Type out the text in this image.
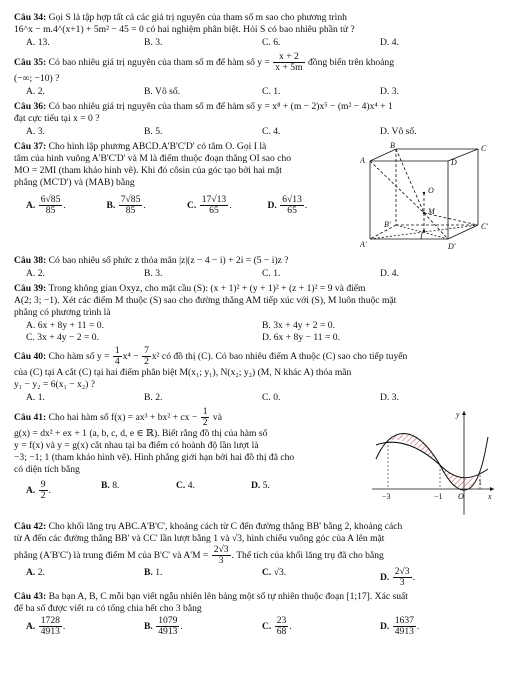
Câu 34: Gọi S là tập hợp tất cả các giá trị nguyên của tham số m sao cho phương trình
16^x − m.4^(x+1) + 5m² − 45 = 0 có hai nghiệm phân biệt. Hỏi S có bao nhiêu phần tử ?
A. 13.	B. 3.	C. 6.	D. 4.
Câu 35: Có bao nhiêu giá trị nguyên của tham số m để hàm số $y = \frac{x + 2}{x + 5m}$ đồng biến trên khoảng
(−∞; −10) ?
A. 2.	B. Vô số.	C. 1.	D. 3.
Câu 36: Có bao nhiêu giá trị nguyên của tham số m để hàm số y = x⁸ + (m − 2)x⁵ − (m² − 4)x⁴ + 1
đạt cực tiểu tại x = 0 ?
A. 3.	B. 5.	C. 4.	D. Vô số.
Câu 37: Cho hình lập phương ABCD.A'B'C'D' có tâm O. Gọi I là
tâm của hình vuông A'B'C'D' và M là điểm thuộc đoạn thẳng OI sao cho
MO = 2MI (tham khảo hình vẽ). Khi đó côsin của góc tạo bởi hai mặt
phẳng (MC'D') và (MAB) bằng
A. $\frac{6√85}{85}$ .	B. $\frac{7√85}{85}$ .	C. $\frac{17√13}{65}$ .	D. $\frac{6√13}{65}$ .
B	C
A	D
O
M
B'	C'
A'
I
D'
Câu 38: Có bao nhiêu số phức z thỏa mãn |z|(z − 4 − i) + 2i = (5 − i)z ?
A. 2.	B. 3.	C. 1.	D. 4.
Câu 39: Trong không gian Oxyz, cho mặt cầu (S): (x + 1)² + (y + 1)² + (z + 1)² = 9 và điểm
A(2; 3; −1). Xét các điểm M thuộc (S) sao cho đường thẳng AM tiếp xúc với (S), M luôn thuộc mặt
phẳng có phương trình là
A. 6x + 8y + 11 = 0.	B. 3x + 4y + 2 = 0.
C. 3x + 4y − 2 = 0.	D. 6x + 8y − 11 = 0.
Câu 40: Cho hàm số $y = \frac{1}{4} x^4 - \frac{7}{2} x^2$ có đồ thị (C). Có bao nhiêu điểm A thuộc (C) sao cho tiếp tuyến
của (C) tại A cắt (C) tại hai điểm phân biệt M(x₁; y₁), N(x₂; y₂) (M, N khác A) thỏa mãn
y₁ − y₂ = 6(x₁ − x₂) ?
A. 1.	B. 2.	C. 0.	D. 3.
Câu 41: Cho hai hàm số f(x) = ax³ + bx² + cx − $\frac{1}{2}$ và
g(x) = dx² + ex + 1 (a, b, c, d, e ∈ ℝ). Biết rằng đồ thị của hàm số
y = f(x) và y = g(x) cắt nhau tại ba điểm có hoành độ lần lượt là
−3; −1; 1 (tham khảo hình vẽ). Hình phẳng giới hạn bởi hai đồ thị đã cho
có diện tích bằng
A. $\frac{9}{2}$ .	B. 8.	C. 4.	D. 5.
y
x
O
−3	−1
1
Câu 42: Cho khối lăng trụ ABC.A'B'C', khoảng cách từ C đến đường thẳng BB' bằng 2, khoảng cách
từ A đến các đường thẳng BB' và CC' lần lượt bằng 1 và √3, hình chiếu vuông góc của A lên mặt
phẳng (A'B'C') là trung điểm M của B'C' và $A'M = \frac{2√3}{3}$ . Thể tích của khối lăng trụ đã cho bằng
A. 2.	B. 1.	C. √3.	D. $\frac{2√3}{3}$ .
Câu 43: Ba bạn A, B, C mỗi bạn viết ngẫu nhiên lên bảng một số tự nhiên thuộc đoạn [1;17]. Xác suất
để ba số được viết ra có tổng chia hết cho 3 bằng
A. $\frac{1728}{4913}$ .	B. $\frac{1079}{4913}$ .	C. $\frac{23}{68}$ .	D. $\frac{1637}{4913}$ .
